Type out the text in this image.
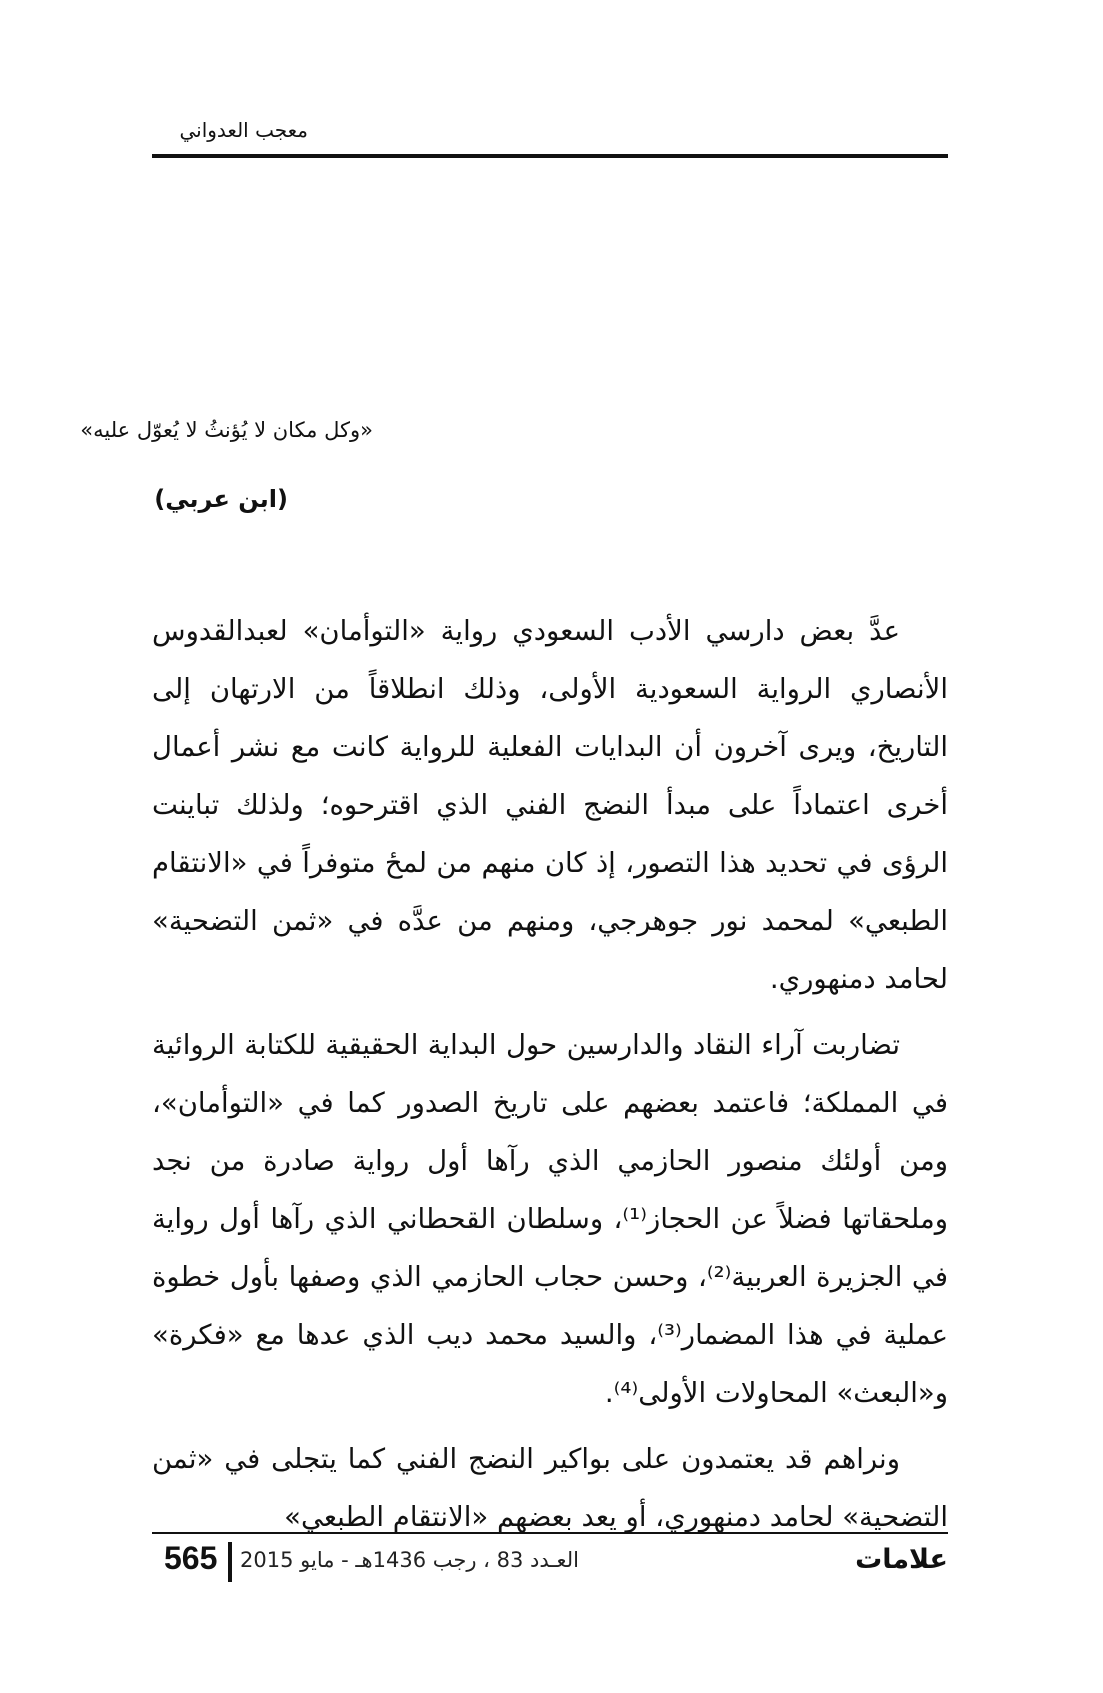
معجب العدواني
«وكل مكان لا يُؤنثُ لا يُعوّل عليه»
(ابن عربي)

عدَّ بعض دارسي الأدب السعودي رواية «التوأمان» لعبدالقدوس الأنصاري الرواية السعودية الأولى، وذلك انطلاقاً من الارتهان إلى التاريخ، ويرى آخرون أن البدايات الفعلية للرواية كانت مع نشر أعمال أخرى اعتماداً على مبدأ النضج الفني الذي اقترحوه؛ ولذلك تباينت الرؤى في تحديد هذا التصور، إذ كان منهم من لمحٔ متوفراً في «الانتقام الطبعي» لمحمد نور جوهرجي، ومنهم من عدَّه في «ثمن التضحية» لحامد دمنهوري.

تضاربت آراء النقاد والدارسين حول البداية الحقيقية للكتابة الروائية في المملكة؛ فاعتمد بعضهم على تاريخ الصدور كما في «التوأمان»، ومن أولئك منصور الحازمي الذي رآها أول رواية صادرة من نجد وملحقاتها فضلاً عن الحجاز⁽¹⁾، وسلطان القحطاني الذي رآها أول رواية في الجزيرة العربية⁽²⁾، وحسن حجاب الحازمي الذي وصفها بأول خطوة عملية في هذا المضمار⁽³⁾، والسيد محمد ديب الذي عدها مع «فكرة» و«البعث» المحاولات الأولى⁽⁴⁾.

ونراهم قد يعتمدون على بواكير النضج الفني كما يتجلى في «ثمن التضحية» لحامد دمنهوري، أو يعد بعضهم «الانتقام الطبعي»

علامات
العـدد 83 ، رجب 1436هـ - مايو 2015
565
